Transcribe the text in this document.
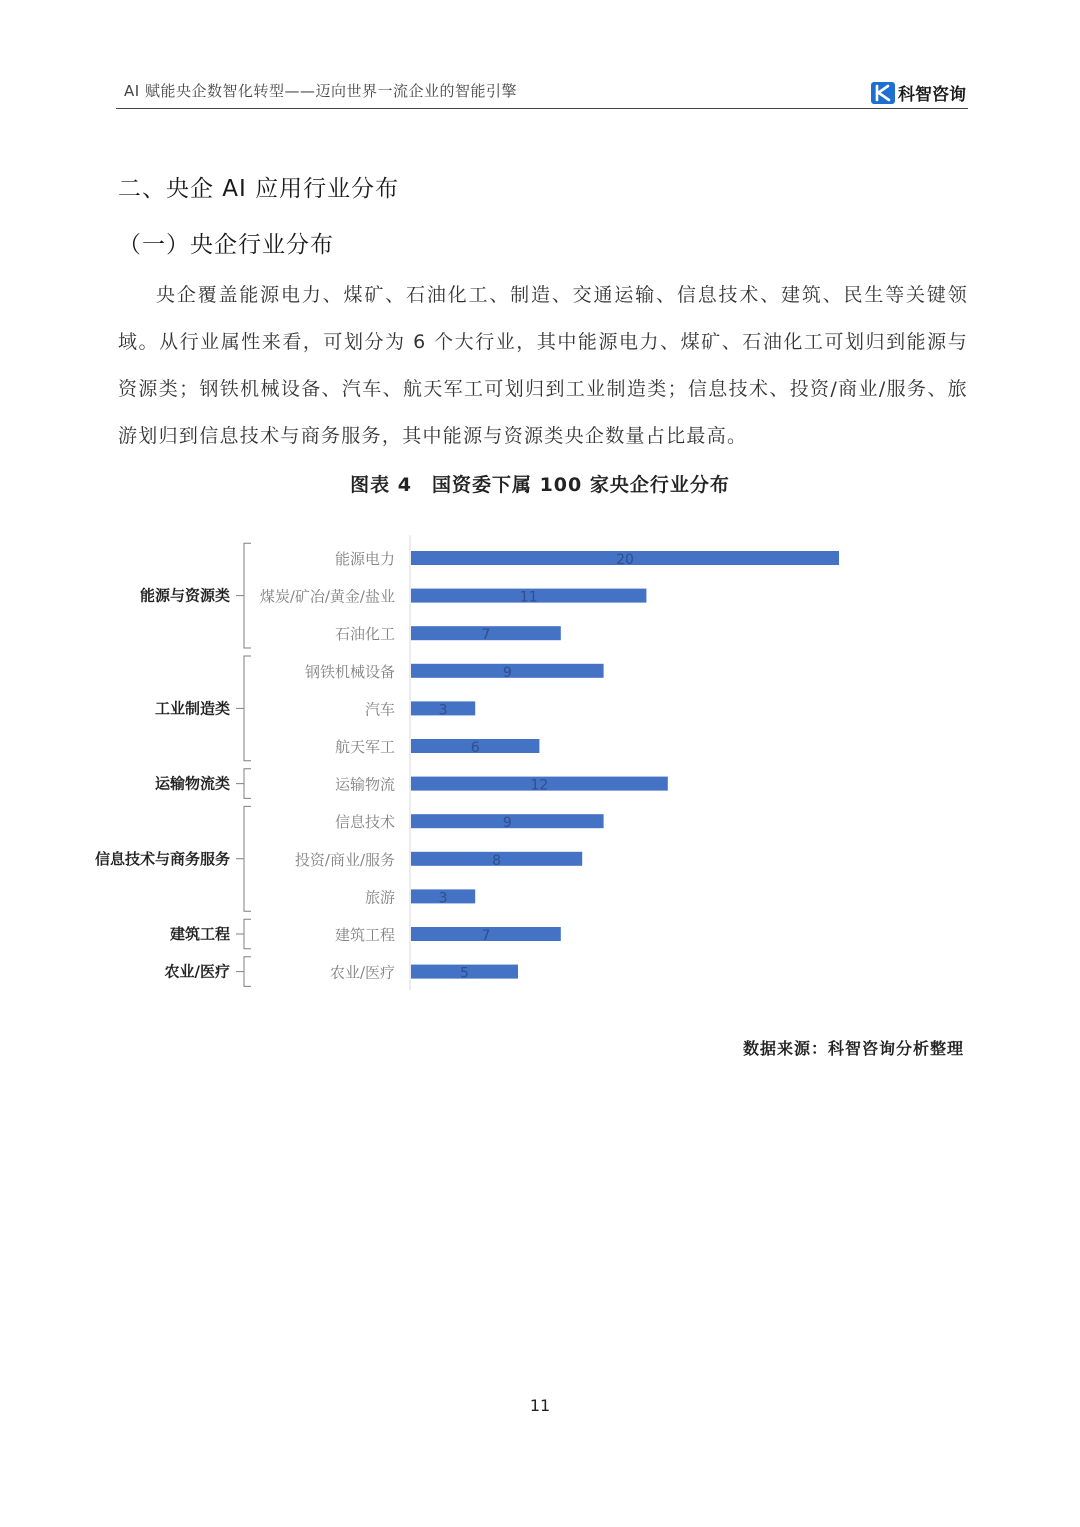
AI 赋能央企数智化转型——迈向世界一流企业的智能引擎	科智咨询
二、央企 AI 应用行业分布
（一）央企行业分布

央企覆盖能源电力、煤矿、石油化工、制造、交通运输、信息技术、建筑、民生等关键领域。从行业属性来看，可划分为 6 个大行业，其中能源电力、煤矿、石油化工可划归到能源与资源类；钢铁机械设备、汽车、航天军工可划归到工业制造类；信息技术、投资/商业/服务、旅游划归到信息技术与商务服务，其中能源与资源类央企数量占比最高。

图表 4　国资委下属 100 家央企行业分布
能源电力	20
煤炭/矿冶/黄金/盐业	11
石油化工	7
钢铁机械设备	9
汽车	3
航天军工	6
运输物流	12
信息技术	9
投资/商业/服务	8
旅游	3
建筑工程	7
农业/医疗	5
能源与资源类
工业制造类
运输物流类
信息技术与商务服务
建筑工程
农业/医疗
数据来源：科智咨询分析整理
11
